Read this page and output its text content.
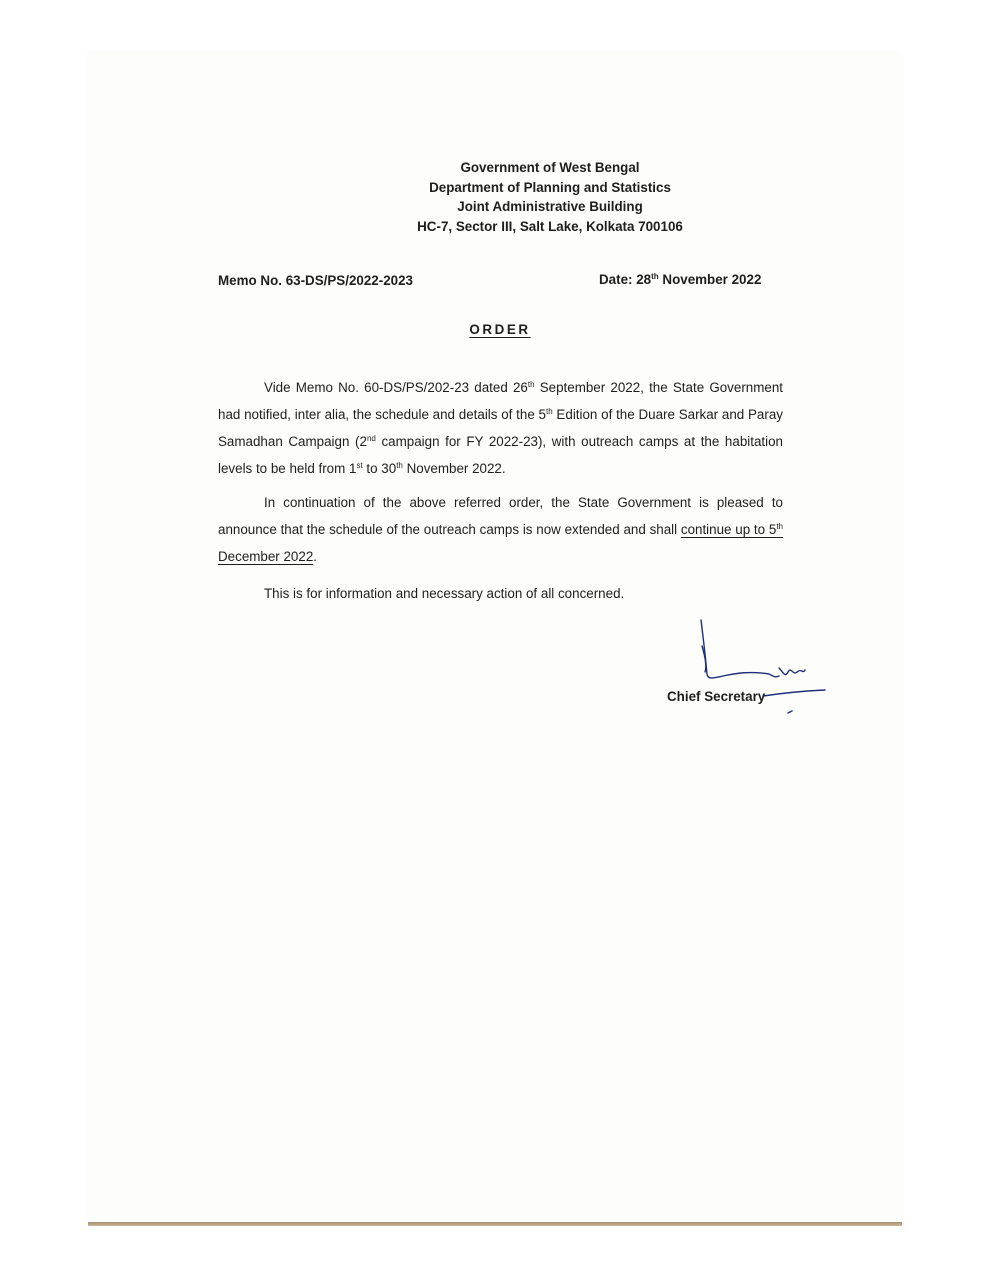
Government of West Bengal
Department of Planning and Statistics
Joint Administrative Building
HC-7, Sector III, Salt Lake, Kolkata 700106
Memo No. 63-DS/PS/2022-2023	Date: 28th November 2022
ORDER

Vide Memo No. 60-DS/PS/202-23 dated 26th September 2022, the State Government had notified, inter alia, the schedule and details of the 5th Edition of the Duare Sarkar and Paray Samadhan Campaign (2nd campaign for FY 2022-23), with outreach camps at the habitation levels to be held from 1st to 30th November 2022.

In continuation of the above referred order, the State Government is pleased to announce that the schedule of the outreach camps is now extended and shall continue up to 5th December 2022.

This is for information and necessary action of all concerned.

Chief Secretary
